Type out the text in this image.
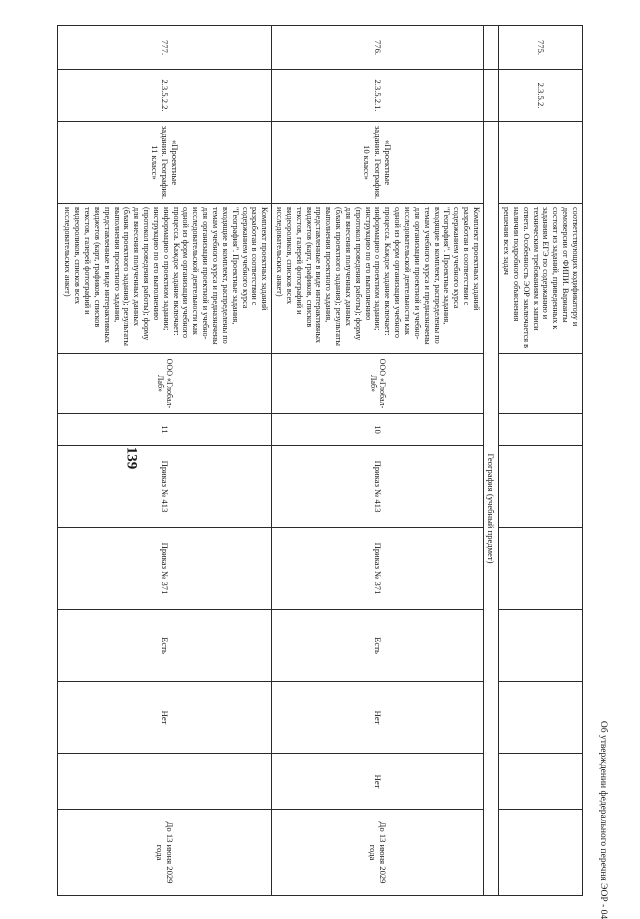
139
775.	2.3.5.2.		соответствующих кодификатору и демоверсии от ФИПИ. Варианты состоят из заданий, приведенных к заданиям ЕГЭ по содержанию и техническим требованиям к записи ответа. Особенность ЭОР заключается в наличии подробного объяснения решения всех задач								
		География (учебный предмет)									
776.	2.3.5.2.1.	«Проектные задания. География. 10 класс»	Комплект проектных заданий разработан в соответствии с содержанием учебного курса "География". Проектные задания, входящие в комплект, распределены по темам учебного курса и предназначены для организации проектной и учебно-исследовательской деятельности как одной из форм организации учебного процесса. Каждое задание включает: информацию о проектном задании; инструкцию по его выполнению (протокол проведения работы); форму для внесения полученных данных (бланк проектного задания); результаты выполнения проектного задания, представленные в виде интерактивных виджетов (карт, графиков, списков текстов, галерей фотографий и видеороликов, списков всех исследовательских анкет)	ООО «Глобал-Лаб»	10	Приказ № 413	Приказ № 371	Есть	Нет	Нет	До 13 июня 2029 года
777.	2.3.5.2.2.	«Проектные задания. География. 11 класс»	Комплект проектных заданий разработан в соответствии с содержанием учебного курса "География". Проектные задания, входящие в комплект, распределены по темам учебного курса и предназначены для организации проектной и учебно-исследовательской деятельности как одной из форм организации учебного процесса. Каждое задание включает: информацию о проектном задании; инструкцию по его выполнению (протокол проведения работы); форму для внесения полученных данных (бланк проектного задания); результаты выполнения проектного задания, представленные в виде интерактивных виджетов (карт, графиков, списков текстов, галерей фотографий и видеороликов, списков всех исследовательских анкет)	ООО «Глобал-Лаб»	11	Приказ № 413	Приказ № 371	Есть	Нет		До 13 июня 2029 года	Об утверждении федерального перечня ЭОР - 04
